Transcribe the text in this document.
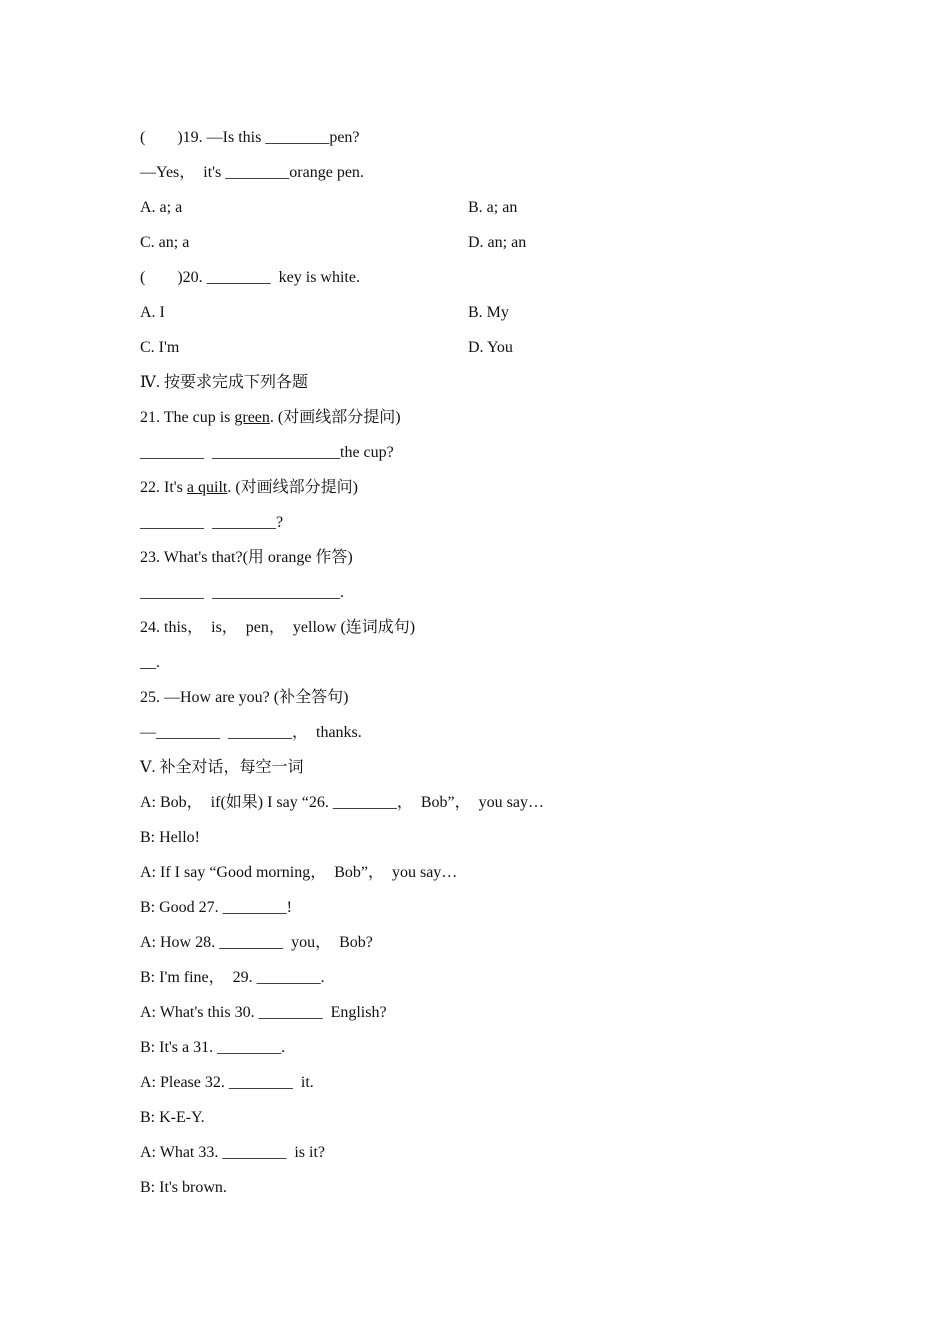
(  )19. —Is this ________pen?
—Yes，  it's ________orange pen.
A. a; a	B. a; an
C. an; a	D. an; an
(  )20. ________  key is white.
A. I	B. My
C. I'm	D. You
Ⅳ. 按要求完成下列各题
21. The cup is green. (对画线部分提问)
________  ________________the cup?
22. It's a quilt. (对画线部分提问)
________  ________?
23. What's that?(用 orange 作答)
________  ________________.
24. this，  is，  pen，  yellow (连词成句)
__.
25. —How are you? (补全答句)
—________  ________，  thanks.
Ⅴ. 补全对话，每空一词
A: Bob，  if(如果) I say “26. ________，  Bob”，  you say…
B: Hello!
A: If I say “Good morning，  Bob”，  you say…
B: Good 27. ________!
A: How 28. ________  you，  Bob?
B: I'm fine，  29. ________.
A: What's this 30. ________  English?
B: It's a 31. ________.
A: Please 32. ________  it.
B: K-E-Y.
A: What 33. ________  is it?
B: It's brown.
